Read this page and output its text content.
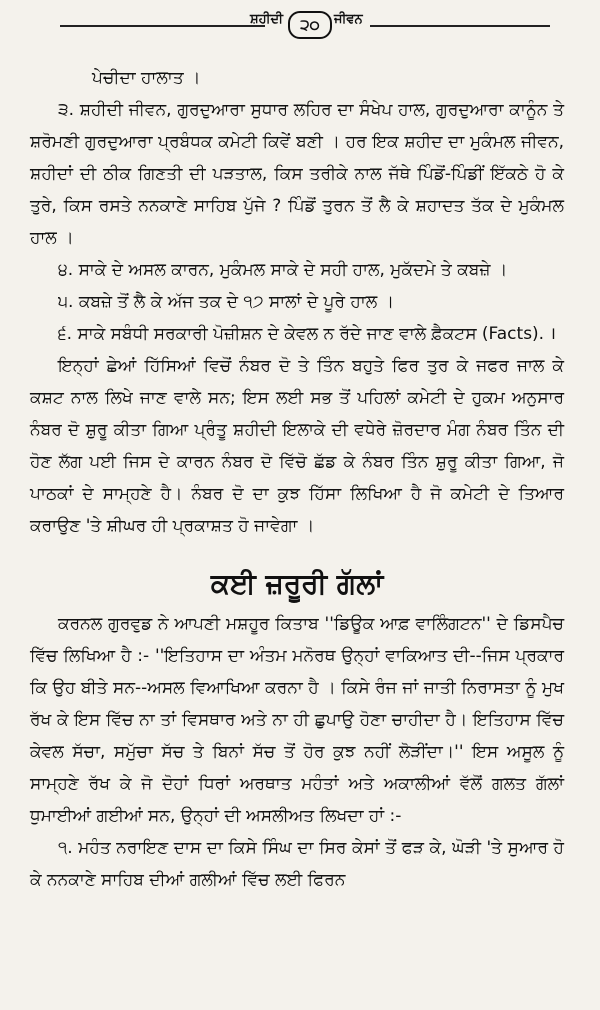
ਸ਼ਹੀਦੀ	੨੦	ਜੀਵਨ

ਪੇਚੀਦਾ ਹਾਲਾਤ ।

੩. ਸ਼ਹੀਦੀ ਜੀਵਨ, ਗੁਰਦੁਆਰਾ ਸੁਧਾਰ ਲਹਿਰ ਦਾ ਸੰਖੇਪ ਹਾਲ, ਗੁਰਦੁਆਰਾ ਕਾਨੂੰਨ ਤੇ ਸ਼ਰੋਮਣੀ ਗੁਰਦੁਆਰਾ ਪ੍ਰਬੰਧਕ ਕਮੇਟੀ ਕਿਵੇਂ ਬਣੀ । ਹਰ ਇਕ ਸ਼ਹੀਦ ਦਾ ਮੁਕੰਮਲ ਜੀਵਨ, ਸ਼ਹੀਦਾਂ ਦੀ ਠੀਕ ਗਿਣਤੀ ਦੀ ਪੜਤਾਲ, ਕਿਸ ਤਰੀਕੇ ਨਾਲ ਜੱਥੇ ਪਿੰਡੋਂ-ਪਿੰਡੀਂ ਇੱਕਠੇ ਹੋ ਕੇ ਤੁਰੇ, ਕਿਸ ਰਸਤੇ ਨਨਕਾਣੇ ਸਾਹਿਬ ਪੁੱਜੇ ? ਪਿੰਡੋਂ ਤੁਰਨ ਤੋਂ ਲੈ ਕੇ ਸ਼ਹਾਦਤ ਤੱਕ ਦੇ ਮੁਕੰਮਲ ਹਾਲ ।

੪. ਸਾਕੇ ਦੇ ਅਸਲ ਕਾਰਨ, ਮੁਕੰਮਲ ਸਾਕੇ ਦੇ ਸਹੀ ਹਾਲ, ਮੁਕੱਦਮੇ ਤੇ ਕਬਜ਼ੇ ।

੫. ਕਬਜ਼ੇ ਤੋਂ ਲੈ ਕੇ ਅੱਜ ਤਕ ਦੇ ੧੭ ਸਾਲਾਂ ਦੇ ਪੂਰੇ ਹਾਲ ।

੬. ਸਾਕੇ ਸਬੰਧੀ ਸਰਕਾਰੀ ਪੋਜ਼ੀਸ਼ਨ ਦੇ ਕੇਵਲ ਨ ਰੱਦੇ ਜਾਣ ਵਾਲੇ ਫ਼ੈਕਟਸ (Facts). ।

ਇਨ੍ਹਾਂ ਛੇਆਂ ਹਿੱਸਿਆਂ ਵਿਚੋਂ ਨੰਬਰ ਦੋ ਤੇ ਤਿੰਨ ਬਹੁਤੇ ਫਿਰ ਤੁਰ ਕੇ ਜਫਰ ਜਾਲ ਕੇ ਕਸ਼ਟ ਨਾਲ ਲਿਖੇ ਜਾਣ ਵਾਲੇ ਸਨ; ਇਸ ਲਈ ਸਭ ਤੋਂ ਪਹਿਲਾਂ ਕਮੇਟੀ ਦੇ ਹੁਕਮ ਅਨੁਸਾਰ ਨੰਬਰ ਦੋ ਸ਼ੁਰੂ ਕੀਤਾ ਗਿਆ ਪ੍ਰੰਤੂ ਸ਼ਹੀਦੀ ਇਲਾਕੇ ਦੀ ਵਧੇਰੇ ਜ਼ੋਰਦਾਰ ਮੰਗ ਨੰਬਰ ਤਿੰਨ ਦੀ ਹੋਣ ਲੱਗ ਪਈ ਜਿਸ ਦੇ ਕਾਰਨ ਨੰਬਰ ਦੋ ਵਿੱਚੋ ਛੱਡ ਕੇ ਨੰਬਰ ਤਿੰਨ ਸ਼ੁਰੂ ਕੀਤਾ ਗਿਆ, ਜੋ ਪਾਠਕਾਂ ਦੇ ਸਾਮ੍ਹਣੇ ਹੈ। ਨੰਬਰ ਦੋ ਦਾ ਕੁਝ ਹਿੱਸਾ ਲਿਖਿਆ ਹੈ ਜੋ ਕਮੇਟੀ ਦੇ ਤਿਆਰ ਕਰਾਉਣ 'ਤੇ ਸ਼ੀਘਰ ਹੀ ਪ੍ਰਕਾਸ਼ਤ ਹੋ ਜਾਵੇਗਾ ।

ਕਈ ਜ਼ਰੂਰੀ ਗੱਲਾਂ

ਕਰਨਲ ਗੁਰਵੁਡ ਨੇ ਆਪਣੀ ਮਸ਼ਹੂਰ ਕਿਤਾਬ ''ਡਿਊਕ ਆਫ਼ ਵਾਲਿੰਗਟਨ'' ਦੇ ਡਿਸਪੈਚ ਵਿੱਚ ਲਿਖਿਆ ਹੈ :- ''ਇਤਿਹਾਸ ਦਾ ਅੰਤਮ ਮਨੋਰਥ ਉਨ੍ਹਾਂ ਵਾਕਿਆਤ ਦੀ--ਜਿਸ ਪ੍ਰਕਾਰ ਕਿ ਉਹ ਬੀਤੇ ਸਨ--ਅਸਲ ਵਿਆਖਿਆ ਕਰਨਾ ਹੈ । ਕਿਸੇ ਰੰਜ ਜਾਂ ਜਾਤੀ ਨਿਰਾਸਤਾ ਨੂੰ ਮੁਖ ਰੱਖ ਕੇ ਇਸ ਵਿੱਚ ਨਾ ਤਾਂ ਵਿਸਥਾਰ ਅਤੇ ਨਾ ਹੀ ਛੁਪਾਉ ਹੋਣਾ ਚਾਹੀਦਾ ਹੈ। ਇਤਿਹਾਸ ਵਿੱਚ ਕੇਵਲ ਸੱਚਾ, ਸਮੁੱਚਾ ਸੱਚ ਤੇ ਬਿਨਾਂ ਸੱਚ ਤੋਂ ਹੋਰ ਕੁਝ ਨਹੀਂ ਲੋੜੀਂਦਾ।'' ਇਸ ਅਸੂਲ ਨੂੰ ਸਾਮ੍ਹਣੇ ਰੱਖ ਕੇ ਜੋ ਦੋਹਾਂ ਧਿਰਾਂ ਅਰਥਾਤ ਮਹੰਤਾਂ ਅਤੇ ਅਕਾਲੀਆਂ ਵੱਲੋਂ ਗਲਤ ਗੱਲਾਂ ਧੁਮਾਈਆਂ ਗਈਆਂ ਸਨ, ਉਨ੍ਹਾਂ ਦੀ ਅਸਲੀਅਤ ਲਿਖਦਾ ਹਾਂ :-

੧. ਮਹੰਤ ਨਰਾਇਣ ਦਾਸ ਦਾ ਕਿਸੇ ਸਿੰਘ ਦਾ ਸਿਰ ਕੇਸਾਂ ਤੋਂ ਫੜ ਕੇ, ਘੋੜੀ 'ਤੇ ਸੁਆਰ ਹੋ ਕੇ ਨਨਕਾਣੇ ਸਾਹਿਬ ਦੀਆਂ ਗਲੀਆਂ ਵਿੱਚ ਲਈ ਫਿਰਨ
